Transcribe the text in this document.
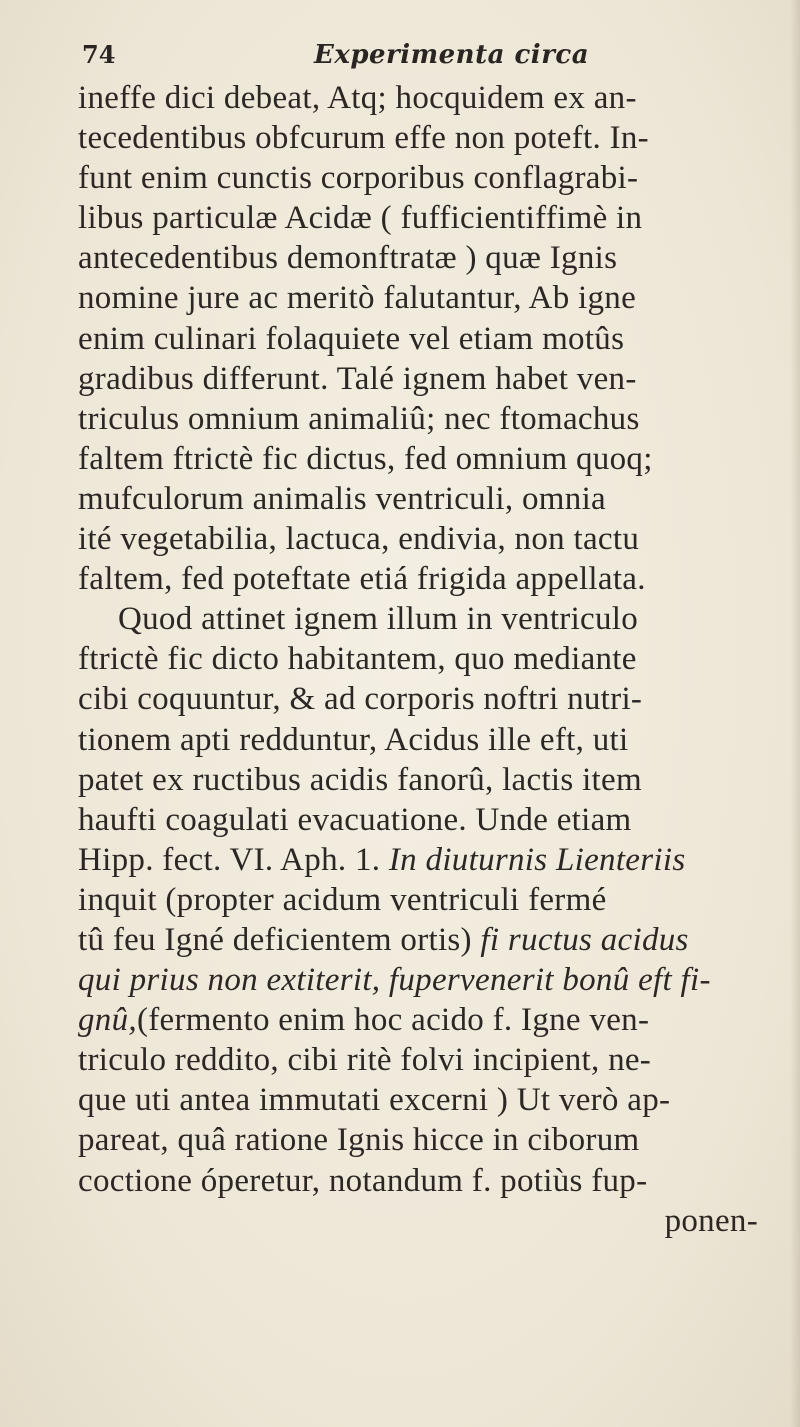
74	Experimenta circa
ineffe dici debeat, Atq; hocquidem ex an-
tecedentibus obfcurum effe non poteft. In-
funt enim cunctis corporibus conflagrabi-
libus particulæ Acidæ ( fufficientiffimè in
antecedentibus demonftratæ ) quæ Ignis
nomine jure ac meritò falutantur, Ab igne
enim culinari folaquiete vel etiam motûs
gradibus differunt. Talé ignem habet ven-
triculus omnium animaliû; nec ftomachus
faltem ftrictè fic dictus, fed omnium quoq;
mufculorum animalis ventriculi, omnia
ité vegetabilia, lactuca, endivia, non tactu
faltem, fed poteftate etiá frigida appellata.
Quod attinet ignem illum in ventriculo
ftrictè fic dicto habitantem, quo mediante
cibi coquuntur, & ad corporis noftri nutri-
tionem apti redduntur, Acidus ille eft, uti
patet ex ructibus acidis fanorû, lactis item
haufti coagulati evacuatione. Unde etiam
Hipp. fect. VI. Aph. 1. In diuturnis Lienteriis
inquit (propter acidum ventriculi fermé
tû feu Igné deficientem ortis) fi ructus acidus
qui prius non extiterit, fupervenerit bonû eft fi-
gnû,(fermento enim hoc acido f. Igne ven-
triculo reddito, cibi ritè folvi incipient, ne-
que uti antea immutati excerni ) Ut verò ap-
pareat, quâ ratione Ignis hicce in ciborum
coctione óperetur, notandum f. potiùs fup-
ponen-
